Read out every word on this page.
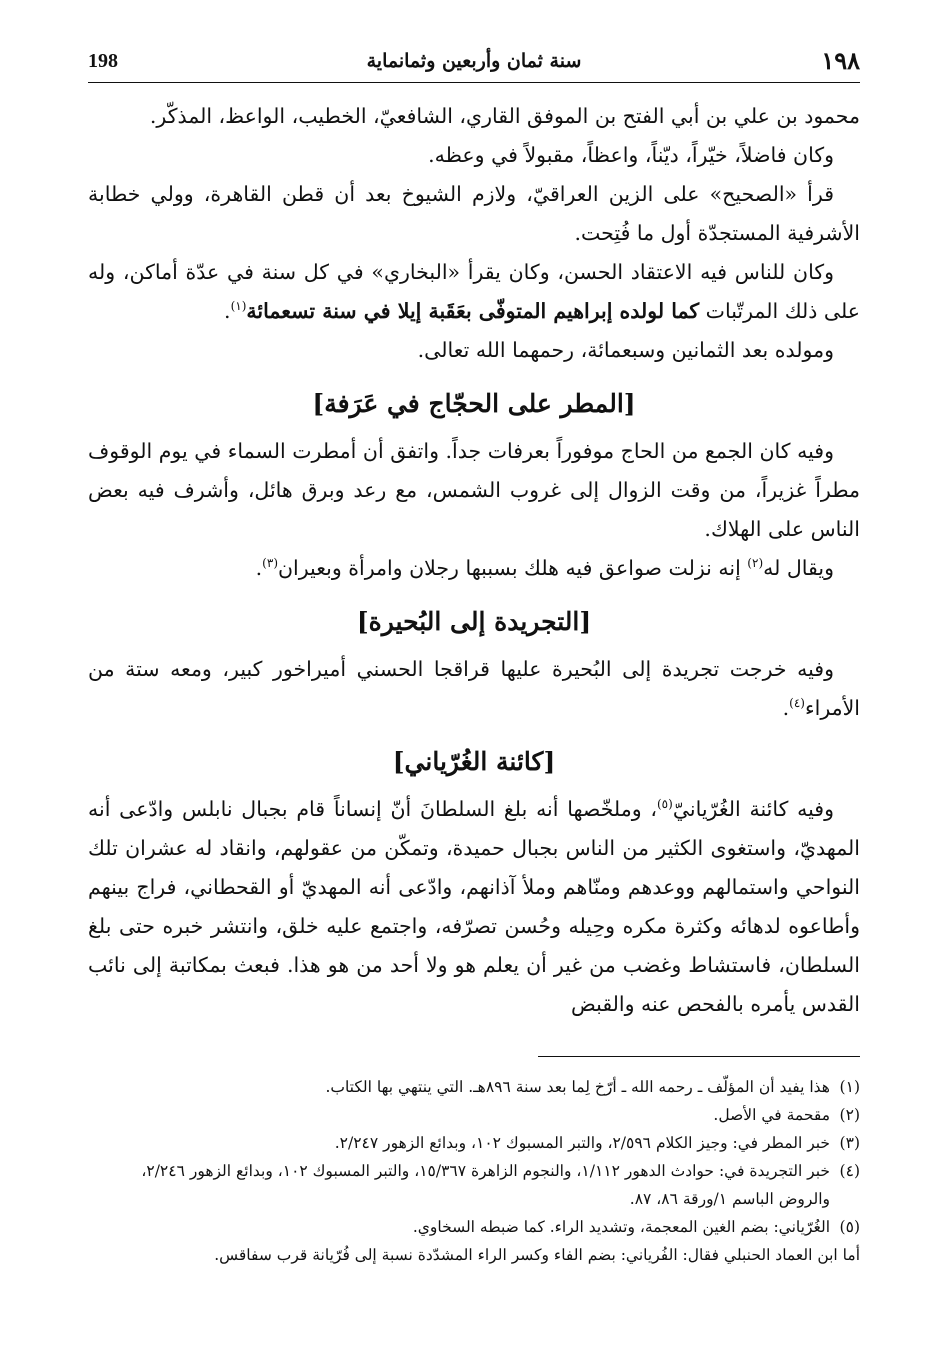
١٩٨
سنة ثمان وأربعين وثمانماية
198

محمود بن علي بن أبي الفتح بن الموفق القاري، الشافعيّ، الخطيب، الواعظ، المذكّر.

وكان فاضلاً، خيّراً، ديّناً، واعظاً، مقبولاً في وعظه.

قرأ «الصحيح» على الزين العراقيّ، ولازم الشيوخ بعد أن قطن القاهرة، وولي خطابة الأشرفية المستجدّة أول ما فُتِحت.

وكان للناس فيه الاعتقاد الحسن، وكان يقرأ «البخاري» في كل سنة في عدّة أماكن، وله على ذلك المرتّبات كما لولده إبراهيم المتوفّى بعَقَبة إيلا في سنة تسعمائة$^{(١)}$.

ومولده بعد الثمانين وسبعمائة، رحمهما الله تعالى.

[المطر على الحجّاج في عَرَفة]

وفيه كان الجمع من الحاج موفوراً بعرفات جداً. واتفق أن أمطرت السماء في يوم الوقوف مطراً غزيراً، من وقت الزوال إلى غروب الشمس، مع رعد وبرق هائل، وأشرف فيه بعض الناس على الهلاك.

ويقال له$^{(٢)}$ إنه نزلت صواعق فيه هلك بسببها رجلان وامرأة وبعيران$^{(٣)}$.

[التجريدة إلى البُحيرة]

وفيه خرجت تجريدة إلى البُحيرة عليها قراقجا الحسني أميراخور كبير، ومعه ستة من الأمراء$^{(٤)}$.

[كائنة الغُرّياني]

وفيه كائنة الغُرّيانيّ$^{(٥)}$، وملخّصها أنه بلغ السلطانَ أنّ إنساناً قام بجبال نابلس وادّعى أنه المهديّ، واستغوى الكثير من الناس بجبال حميدة، وتمكّن من عقولهم، وانقاد له عشران تلك النواحي واستمالهم ووعدهم ومنّاهم وملأ آذانهم، وادّعى أنه المهديّ أو القحطاني، فراج بينهم وأطاعوه لدهائه وكثرة مكره وحِيله وحُسن تصرّفه، واجتمع عليه خلق، وانتشر خبره حتى بلغ السلطان، فاستشاط وغضب من غير أن يعلم هو ولا أحد من هو هذا. فبعث بمكاتبة إلى نائب القدس يأمره بالفحص عنه والقبض

(١)
هذا يفيد أن المؤلّف ـ رحمه الله ـ أرّخ لِما بعد سنة ٨٩٦هـ. التي ينتهي بها الكتاب.
(٢)
مقحمة في الأصل.
(٣)
خبر المطر في: وجيز الكلام ٢/٥٩٦، والتبر المسبوك ١٠٢، وبدائع الزهور ٢/٢٤٧.
(٤)
خبر التجريدة في: حوادث الدهور ١/١١٢، والنجوم الزاهرة ١٥/٣٦٧، والتبر المسبوك ١٠٢، وبدائع الزهور ٢/٢٤٦، والروض الباسم ١/ورقة ٨٦، ٨٧.
(٥)
الغُرّياني: بضم الغين المعجمة، وتشديد الراء. كما ضبطه السخاوي.
أما ابن العماد الحنبلي فقال: الفُرياني: بضم الفاء وكسر الراء المشدّدة نسبة إلى فُرّيانة قرب سفاقس.
